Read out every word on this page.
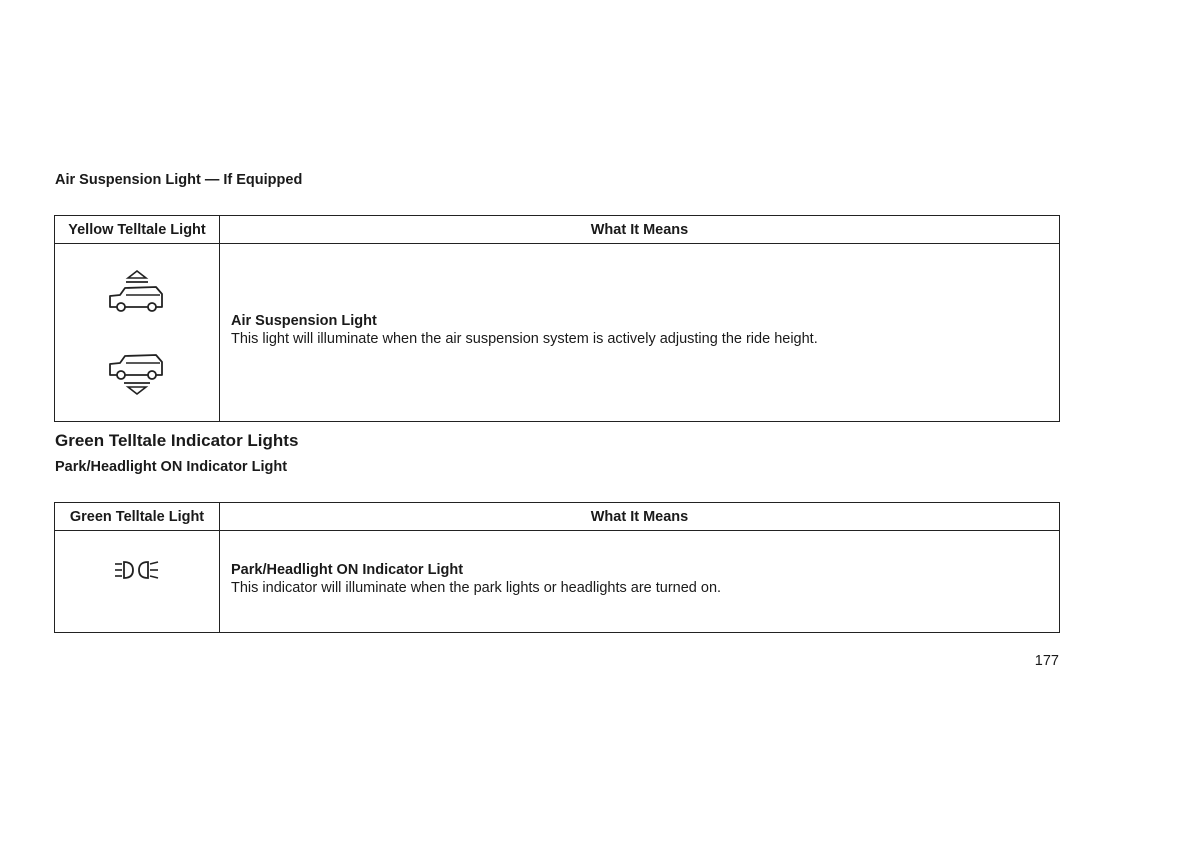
Air Suspension Light — If Equipped
Yellow Telltale Light	What It Means

Air Suspension Light
This light will illuminate when the air suspension system is actively adjusting the ride height.
Green Telltale Indicator Lights
Park/Headlight ON Indicator Light
Green Telltale Light	What It Means

Park/Headlight ON Indicator Light
This indicator will illuminate when the park lights or headlights are turned on.
177
